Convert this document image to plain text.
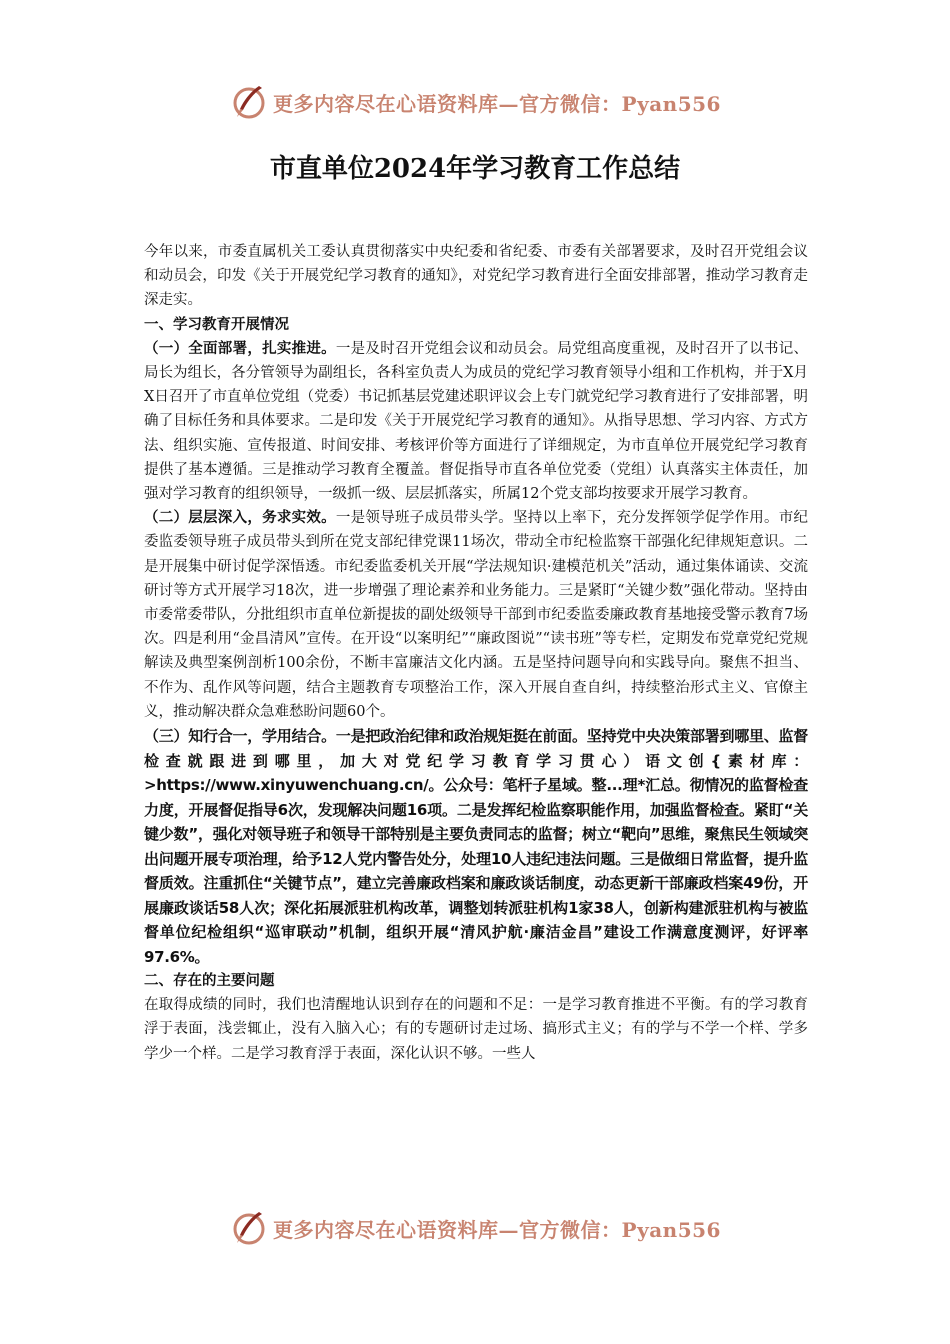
更多内容尽在心语资料库—官方微信：Pyan556
市直单位2024年学习教育工作总结

今年以来，市委直属机关工委认真贯彻落实中央纪委和省纪委、市委有关部署要求，及时召开党组会议和动员会，印发《关于开展党纪学习教育的通知》，对党纪学习教育进行全面安排部署，推动学习教育走深走实。

一、学习教育开展情况

（一）全面部署，扎实推进。一是及时召开党组会议和动员会。局党组高度重视，及时召开了以书记、局长为组长，各分管领导为副组长，各科室负责人为成员的党纪学习教育领导小组和工作机构，并于X月X日召开了市直单位党组（党委）书记抓基层党建述职评议会上专门就党纪学习教育进行了安排部署，明确了目标任务和具体要求。二是印发《关于开展党纪学习教育的通知》。从指导思想、学习内容、方式方法、组织实施、宣传报道、时间安排、考核评价等方面进行了详细规定，为市直单位开展党纪学习教育提供了基本遵循。三是推动学习教育全覆盖。督促指导市直各单位党委（党组）认真落实主体责任，加强对学习教育的组织领导，一级抓一级、层层抓落实，所属12个党支部均按要求开展学习教育。

（二）层层深入，务求实效。一是领导班子成员带头学。坚持以上率下，充分发挥领学促学作用。市纪委监委领导班子成员带头到所在党支部纪律党课11场次，带动全市纪检监察干部强化纪律规矩意识。二是开展集中研讨促学深悟透。市纪委监委机关开展“学法规知识·建模范机关”活动，通过集体诵读、交流研讨等方式开展学习18次，进一步增强了理论素养和业务能力。三是紧盯“关键少数”强化带动。坚持由市委常委带队，分批组织市直单位新提拔的副处级领导干部到市纪委监委廉政教育基地接受警示教育7场次。四是利用“金昌清风”宣传。在开设“以案明纪”“廉政图说”“读书班”等专栏，定期发布党章党纪党规解读及典型案例剖析100余份，不断丰富廉洁文化内涵。五是坚持问题导向和实践导向。聚焦不担当、不作为、乱作风等问题，结合主题教育专项整治工作，深入开展自查自纠，持续整治形式主义、官僚主义，推动解决群众急难愁盼问题60个。

（三）知行合一，学用结合。一是把政治纪律和政治规矩挺在前面。坚持党中央决策部署到哪里、监督检查就跟进到哪里，加大对党纪学习教育学习贯心）语文创{素材库：>https://www.xinyuwenchuang.cn/。公众号：笔杆子星域。整...理*汇总。彻情况的监督检查力度，开展督促指导6次，发现解决问题16项。二是发挥纪检监察职能作用，加强监督检查。紧盯“关键少数”，强化对领导班子和领导干部特别是主要负责同志的监督；树立“靶向”思维，聚焦民生领域突出问题开展专项治理，给予12人党内警告处分，处理10人违纪违法问题。三是做细日常监督，提升监督质效。注重抓住“关键节点”，建立完善廉政档案和廉政谈话制度，动态更新干部廉政档案49份，开展廉政谈话58人次；深化拓展派驻机构改革，调整划转派驻机构1家38人，创新构建派驻机构与被监督单位纪检组织“巡审联动”机制，组织开展“清风护航·廉洁金昌”建设工作满意度测评，好评率97.6%。

二、存在的主要问题

在取得成绩的同时，我们也清醒地认识到存在的问题和不足：一是学习教育推进不平衡。有的学习教育浮于表面，浅尝辄止，没有入脑入心；有的专题研讨走过场、搞形式主义；有的学与不学一个样、学多学少一个样。二是学习教育浮于表面，深化认识不够。一些人

更多内容尽在心语资料库—官方微信：Pyan556
